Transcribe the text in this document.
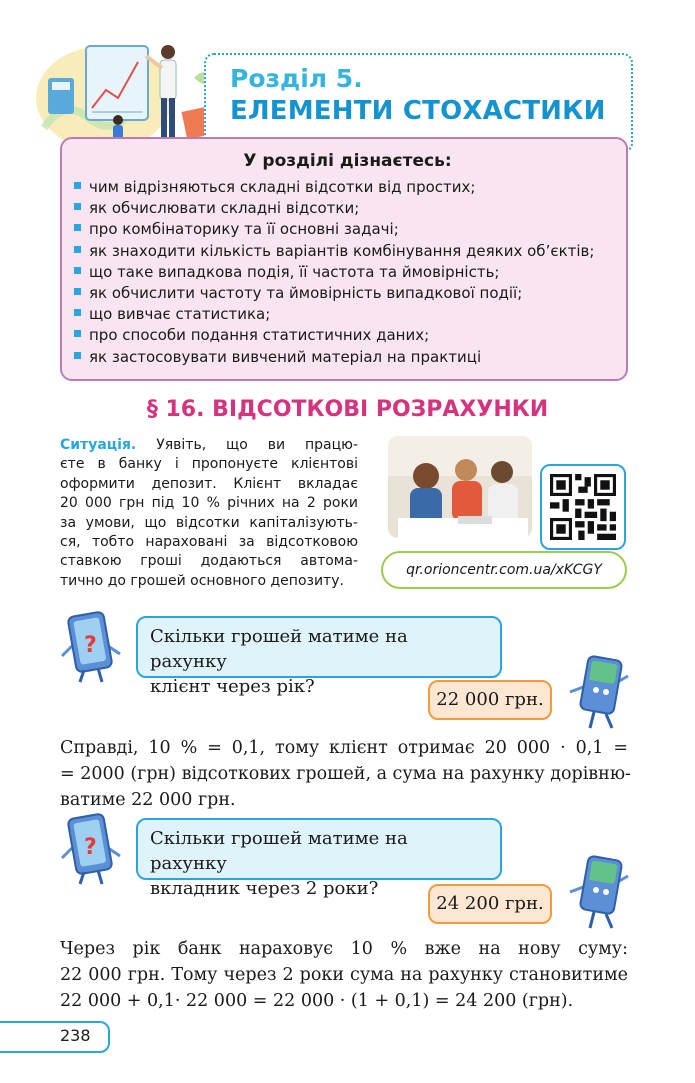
Розділ 5.
ЕЛЕМЕНТИ СТОХАСТИКИ
У розділі дізнаєтесь:
чим відрізняються складні відсотки від простих;
як обчислювати складні відсотки;
про комбінаторику та її основні задачі;
як знаходити кількість варіантів комбінування деяких об’єктів;
що таке випадкова подія, її частота та ймовірність;
як обчислити частоту та ймовірність випадкової події;
що вивчає статистика;
про способи подання статистичних даних;
як застосовувати вивчений матеріал на практиці
§ 16. ВІДСОТКОВІ РОЗРАХУНКИ
Ситуація. Уявіть, що ви працю-
єте в банку і пропонуєте клієнтові
оформити депозит. Клієнт вкладає
20 000 грн під 10 % річних на 2 роки
за умови, що відсотки капіталізують-
ся, тобто нараховані за відсотковою
ставкою гроші додаються автома-
тично до грошей основного депозиту.
qr.orioncentr.com.ua/xKCGY
?
?
Скільки грошей матиме на рахунку
клієнт через рік?
22 000 грн.
Справді, 10 % = 0,1, тому клієнт отримає 20 000 · 0,1 =
= 2000 (грн) відсоткових грошей, а сума на рахунку дорівню-
ватиме 22 000 грн.
Скільки грошей матиме на рахунку
вкладник через 2 роки?
24 200 грн.
Через рік банк нараховує 10 % вже на нову суму:
22 000 грн. Тому через 2 роки сума на рахунку становитиме
22 000 + 0,1· 22 000 = 22 000 · (1 + 0,1) = 24 200 (грн).
238
